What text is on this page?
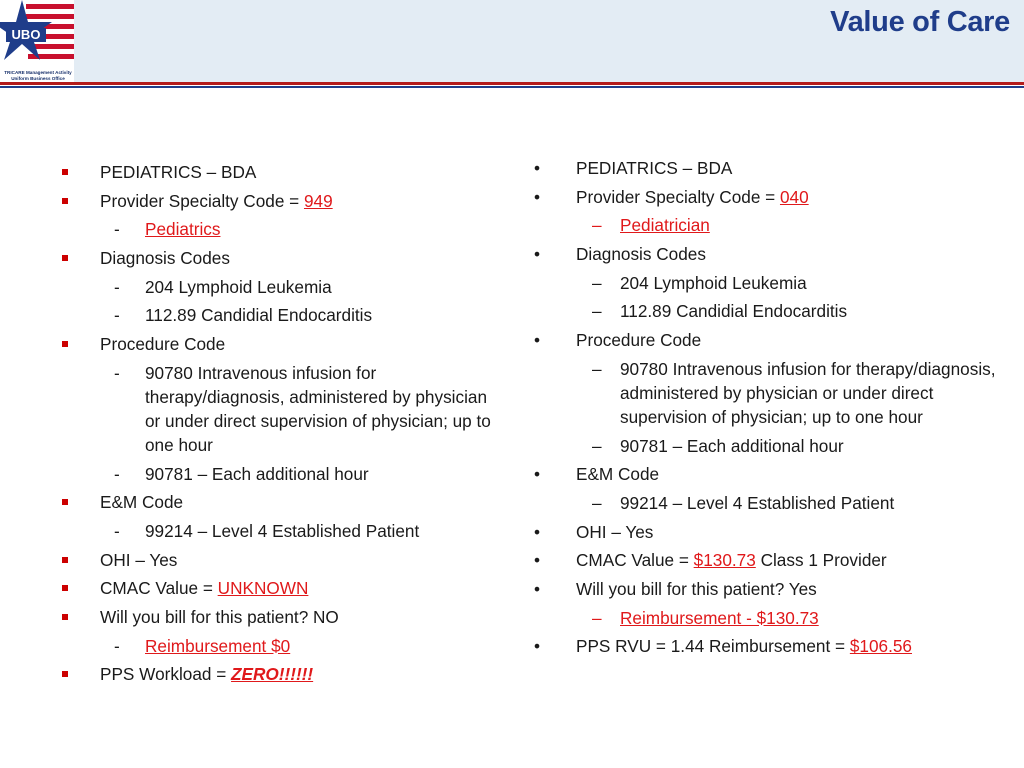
UBO
TRICARE Management Activity
Uniform Business Office
Value of Care
PEDIATRICS – BDA
Provider Specialty Code = 949
- Pediatrics
Diagnosis Codes
- 204 Lymphoid Leukemia
- 112.89 Candidial Endocarditis
Procedure Code
- 90780 Intravenous infusion for therapy/diagnosis, administered by physician or under direct supervision of physician; up to one hour
- 90781 – Each additional hour
E&M Code
- 99214 – Level 4 Established Patient
OHI – Yes
CMAC Value = UNKNOWN
Will you bill for this patient? NO
- Reimbursement $0
PPS Workload = ZERO!!!!!!
• PEDIATRICS – BDA
• Provider Specialty Code = 040
– Pediatrician
• Diagnosis Codes
– 204 Lymphoid Leukemia
– 112.89 Candidial Endocarditis
• Procedure Code
– 90780 Intravenous infusion for therapy/diagnosis, administered by physician or under direct supervision of physician; up to one hour
– 90781 – Each additional hour
• E&M Code
– 99214 – Level 4 Established Patient
• OHI – Yes
• CMAC Value = $130.73 Class 1 Provider
• Will you bill for this patient? Yes
– Reimbursement - $130.73
• PPS RVU = 1.44 Reimbursement = $106.56
